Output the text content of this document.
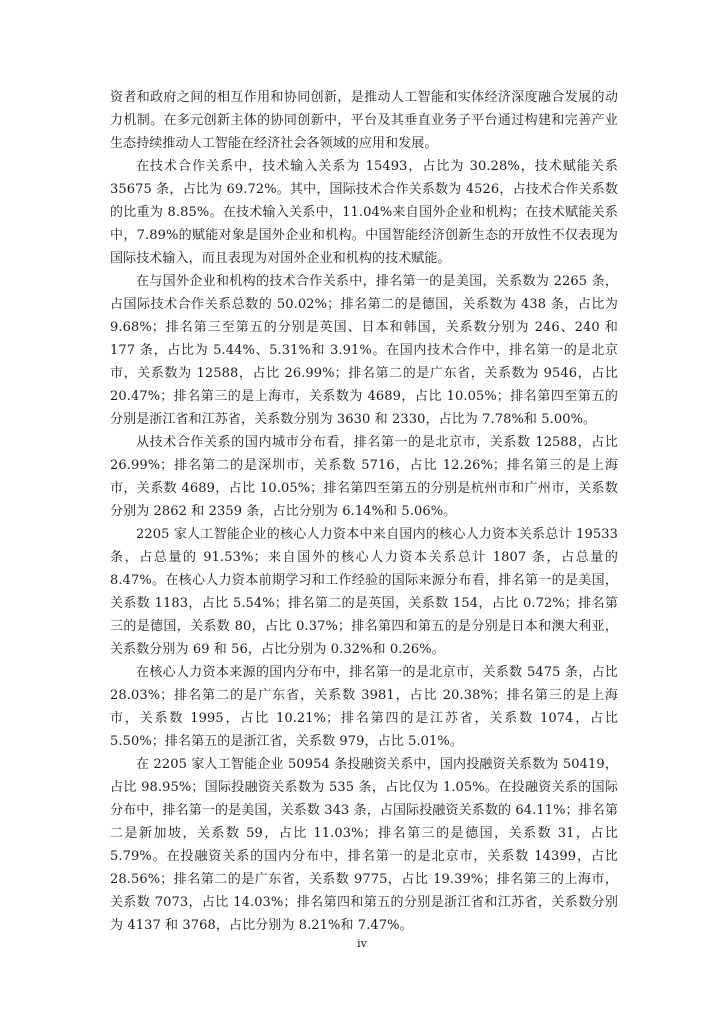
资者和政府之间的相互作用和协同创新，是推动人工智能和实体经济深度融合发展的动力机制。在多元创新主体的协同创新中，平台及其垂直业务子平台通过构建和完善产业生态持续推动人工智能在经济社会各领域的应用和发展。

在技术合作关系中，技术输入关系为 15493，占比为 30.28%，技术赋能关系 35675 条，占比为 69.72%。其中，国际技术合作关系数为 4526，占技术合作关系数的比重为 8.85%。在技术输入关系中，11.04%来自国外企业和机构；在技术赋能关系中，7.89%的赋能对象是国外企业和机构。中国智能经济创新生态的开放性不仅表现为国际技术输入，而且表现为对国外企业和机构的技术赋能。

在与国外企业和机构的技术合作关系中，排名第一的是美国，关系数为 2265 条，占国际技术合作关系总数的 50.02%；排名第二的是德国，关系数为 438 条，占比为 9.68%；排名第三至第五的分别是英国、日本和韩国，关系数分别为 246、240 和 177 条，占比为 5.44%、5.31%和 3.91%。在国内技术合作中，排名第一的是北京市，关系数为 12588，占比 26.99%；排名第二的是广东省，关系数为 9546，占比 20.47%；排名第三的是上海市，关系数为 4689，占比 10.05%；排名第四至第五的分别是浙江省和江苏省，关系数分别为 3630 和 2330，占比为 7.78%和 5.00%。

从技术合作关系的国内城市分布看，排名第一的是北京市，关系数 12588，占比 26.99%；排名第二的是深圳市，关系数 5716，占比 12.26%；排名第三的是上海市，关系数 4689，占比 10.05%；排名第四至第五的分别是杭州市和广州市，关系数分别为 2862 和 2359 条，占比分别为 6.14%和 5.06%。

2205 家人工智能企业的核心人力资本中来自国内的核心人力资本关系总计 19533 条，占总量的 91.53%；来自国外的核心人力资本关系总计 1807 条，占总量的 8.47%。在核心人力资本前期学习和工作经验的国际来源分布看，排名第一的是美国，关系数 1183，占比 5.54%；排名第二的是英国，关系数 154，占比 0.72%；排名第三的是德国，关系数 80，占比 0.37%；排名第四和第五的是分别是日本和澳大利亚，关系数分别为 69 和 56，占比分别为 0.32%和 0.26%。

在核心人力资本来源的国内分布中，排名第一的是北京市，关系数 5475 条，占比 28.03%；排名第二的是广东省，关系数 3981，占比 20.38%；排名第三的是上海市，关系数 1995，占比 10.21%；排名第四的是江苏省，关系数 1074，占比 5.50%；排名第五的是浙江省，关系数 979，占比 5.01%。

在 2205 家人工智能企业 50954 条投融资关系中，国内投融资关系数为 50419，占比 98.95%；国际投融资关系数为 535 条，占比仅为 1.05%。在投融资关系的国际分布中，排名第一的是美国，关系数 343 条，占国际投融资关系数的 64.11%；排名第二是新加坡，关系数 59，占比 11.03%；排名第三的是德国，关系数 31，占比 5.79%。在投融资关系的国内分布中，排名第一的是北京市，关系数 14399，占比 28.56%；排名第二的是广东省，关系数 9775，占比 19.39%；排名第三的上海市，关系数 7073，占比 14.03%；排名第四和第五的分别是浙江省和江苏省，关系数分别为 4137 和 3768，占比分别为 8.21%和 7.47%。

iv
